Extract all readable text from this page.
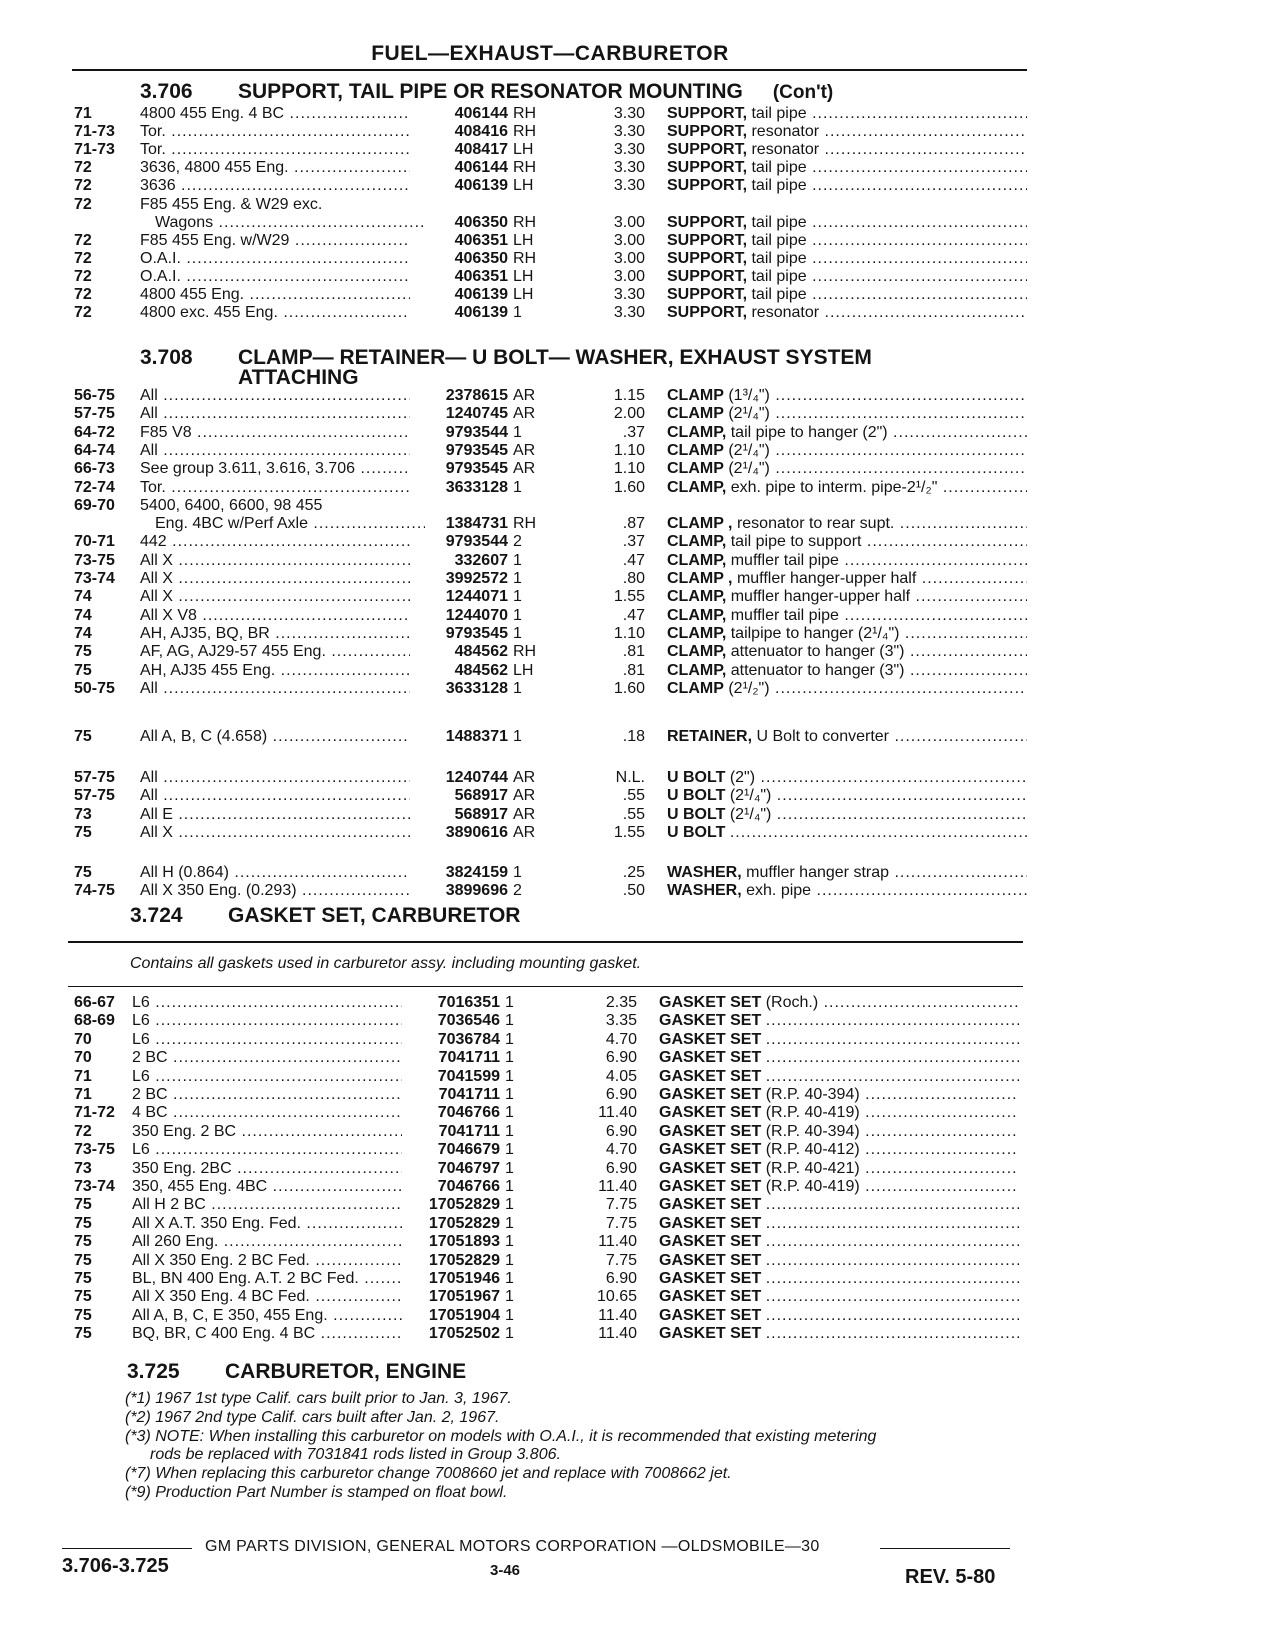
FUEL—EXHAUST—CARBURETOR
3.706 SUPPORT, TAIL PIPE OR RESONATOR MOUNTING (Con't)
71	4800 455 Eng. 4 BC .....	406144 RH	3.30 SUPPORT, tail pipe .....
71-73 Tor. .....	408416 RH	3.30 SUPPORT, resonator .....
71-73 Tor. .....	408417 LH	3.30 SUPPORT, resonator .....
72	3636, 4800 455 Eng. .....	406144 RH	3.30 SUPPORT, tail pipe .....
72	3636 .....	406139 LH	3.30 SUPPORT, tail pipe .....
72	F85 455 Eng. & W29 exc.
Wagons .....	406350 RH	3.00 SUPPORT, tail pipe .....
72	F85 455 Eng. w/W29 .....	406351 LH	3.00 SUPPORT, tail pipe .....
72	O.A.I. .....	406350 RH	3.00 SUPPORT, tail pipe .....
72	O.A.I. .....	406351 LH	3.00 SUPPORT, tail pipe .....
72	4800 455 Eng. .....	406139 LH	3.30 SUPPORT, tail pipe .....
72	4800 exc. 455 Eng. .....	406139 1	3.30 SUPPORT, resonator .....
3.708 CLAMP— RETAINER— U BOLT— WASHER, EXHAUST SYSTEM
ATTACHING
56-75 All .....	2378615 AR	1.15 CLAMP (1³/₄") .....
57-75 All .....	1240745 AR	2.00 CLAMP (2¹/₄") .....
64-72 F85 V8 .....	9793544 1	.37 CLAMP, tail pipe to hanger (2") .....
64-74 All .....	9793545 AR	1.10 CLAMP (2¹/₄") .....
66-73 See group 3.611, 3.616, 3.706 .....	9793545 AR	1.10 CLAMP (2¹/₄") .....
72-74 Tor. .....	3633128 1	1.60 CLAMP, exh. pipe to interm. pipe-2¹/₂" .....
69-70 5400, 6400, 6600, 98 455
Eng. 4BC w/Perf Axle .....	1384731 RH	.87 CLAMP , resonator to rear supt. .....
70-71 442 .....	9793544 2	.37 CLAMP, tail pipe to support .....
73-75 All X .....	332607 1	.47 CLAMP, muffler tail pipe .....
73-74 All X .....	3992572 1	.80 CLAMP , muffler hanger-upper half .....
74	All X .....	1244071 1	1.55 CLAMP, muffler hanger-upper half .....
74	All X V8 .....	1244070 1	.47 CLAMP, muffler tail pipe .....
74	AH, AJ35, BQ, BR .....	9793545 1	1.10 CLAMP, tailpipe to hanger (2¹/₄") .....
75	AF, AG, AJ29-57 455 Eng. .....	484562 RH	.81 CLAMP, attenuator to hanger (3") .....
75	AH, AJ35 455 Eng. .....	484562 LH	.81 CLAMP, attenuator to hanger (3") .....
50-75 All .....	3633128 1	1.60 CLAMP (2¹/₂") .....
75	All A, B, C (4.658) .....	1488371 1	.18 RETAINER, U Bolt to converter .....
57-75 All .....	1240744 AR	N.L. U BOLT (2") .....
57-75 All .....	568917 AR	.55 U BOLT (2¹/₄") .....
73	All E .....	568917 AR	.55 U BOLT (2¹/₄") .....
75	All X .....	3890616 AR	1.55 U BOLT .....
75	All H (0.864) .....	3824159 1	.25 WASHER, muffler hanger strap .....
74-75 All X 350 Eng. (0.293) .....	3899696 2	.50 WASHER, exh. pipe .....
3.724 GASKET SET, CARBURETOR
Contains all gaskets used in carburetor assy. including mounting gasket.
66-67 L6 .....	7016351 1	2.35 GASKET SET (Roch.) .....
68-69 L6 .....	7036546 1	3.35 GASKET SET .....
70	L6 .....	7036784 1	4.70 GASKET SET .....
70	2 BC .....	7041711 1	6.90 GASKET SET .....
71	L6 .....	7041599 1	4.05 GASKET SET .....
71	2 BC .....	7041711 1	6.90 GASKET SET (R.P. 40-394) .....
71-72 4 BC .....	7046766 1	11.40 GASKET SET (R.P. 40-419) .....
72	350 Eng. 2 BC .....	7041711 1	6.90 GASKET SET (R.P. 40-394) .....
73-75 L6 .....	7046679 1	4.70 GASKET SET (R.P. 40-412) .....
73	350 Eng. 2BC .....	7046797 1	6.90 GASKET SET (R.P. 40-421) .....
73-74 350, 455 Eng. 4BC .....	7046766 1	11.40 GASKET SET (R.P. 40-419) .....
75	All H 2 BC .....	17052829 1	7.75 GASKET SET .....
75	All X A.T. 350 Eng. Fed. .....	17052829 1	7.75 GASKET SET .....
75	All 260 Eng. .....	17051893 1	11.40 GASKET SET .....
75	All X 350 Eng. 2 BC Fed. .....	17052829 1	7.75 GASKET SET .....
75	BL, BN 400 Eng. A.T. 2 BC Fed. .....	17051946 1	6.90 GASKET SET .....
75	All X 350 Eng. 4 BC Fed. .....	17051967 1	10.65 GASKET SET .....
75	All A, B, C, E 350, 455 Eng. .....	17051904 1	11.40 GASKET SET .....
75	BQ, BR, C 400 Eng. 4 BC .....	17052502 1	11.40 GASKET SET .....
3.725 CARBURETOR, ENGINE
(*1) 1967 1st type Calif. cars built prior to Jan. 3, 1967.
(*2) 1967 2nd type Calif. cars built after Jan. 2, 1967.
(*3) NOTE: When installing this carburetor on models with O.A.I., it is recommended that existing metering
rods be replaced with 7031841 rods listed in Group 3.806.
(*7) When replacing this carburetor change 7008660 jet and replace with 7008662 jet.
(*9) Production Part Number is stamped on float bowl.
GM PARTS DIVISION, GENERAL MOTORS CORPORATION —OLDSMOBILE—30
3.706-3.725	3-46	REV. 5-80
